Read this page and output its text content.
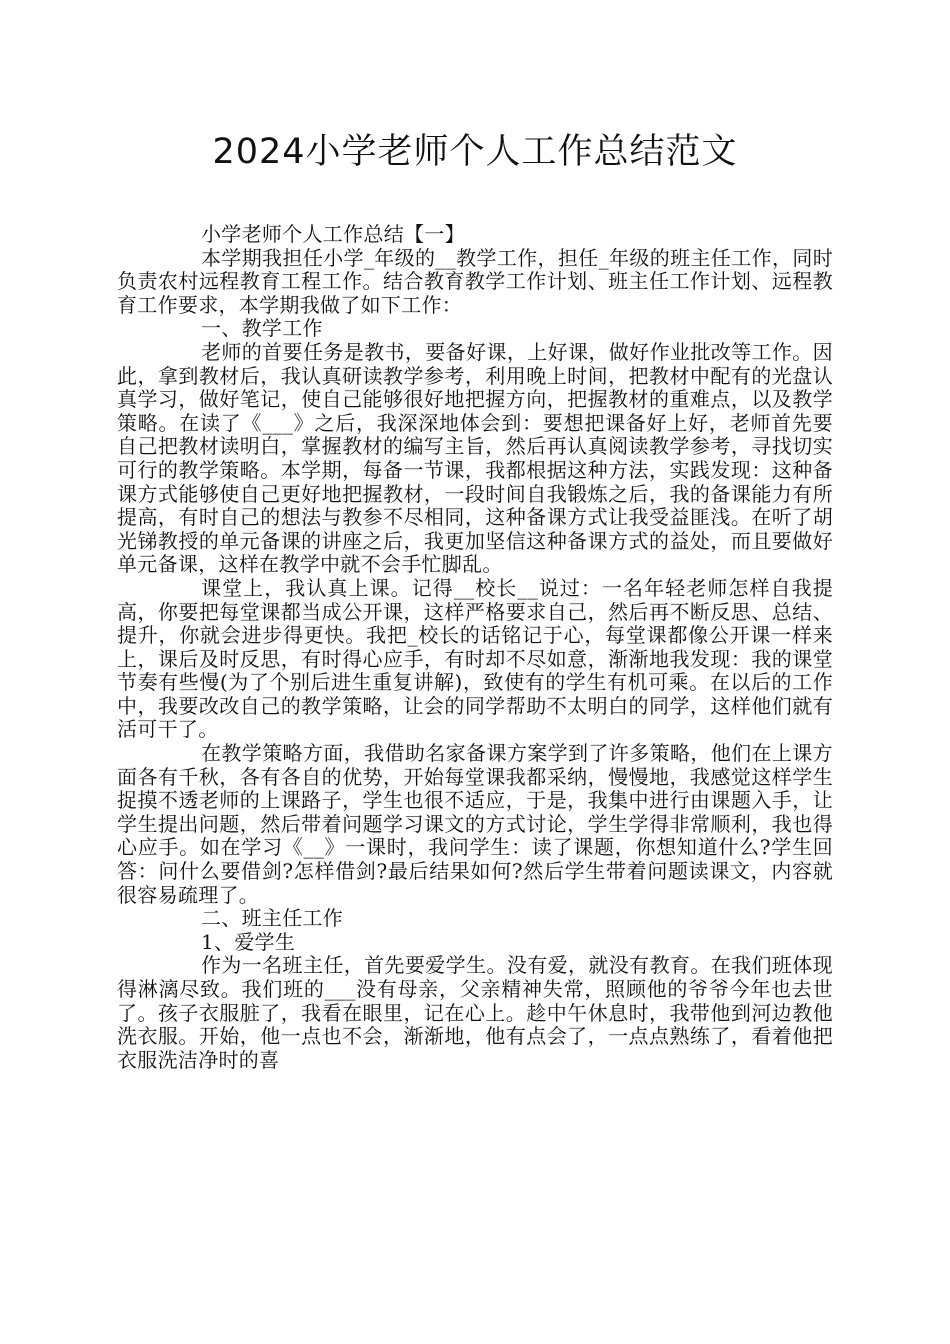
2024小学老师个人工作总结范文

小学老师个人工作总结【一】

本学期我担任小学_年级的__教学工作，担任_年级的班主任工作，同时负责农村远程教育工程工作。结合教育教学工作计划、班主任工作计划、远程教育工作要求，本学期我做了如下工作：

一、教学工作

老师的首要任务是教书，要备好课，上好课，做好作业批改等工作。因此，拿到教材后，我认真研读教学参考，利用晚上时间，把教材中配有的光盘认真学习，做好笔记，使自己能够很好地把握方向，把握教材的重难点，以及教学策略。在读了《___》之后，我深深地体会到：要想把课备好上好，老师首先要自己把教材读明白，掌握教材的编写主旨，然后再认真阅读教学参考，寻找切实可行的教学策略。本学期，每备一节课，我都根据这种方法，实践发现：这种备课方式能够使自己更好地把握教材，一段时间自我锻炼之后，我的备课能力有所提高，有时自己的想法与教参不尽相同，这种备课方式让我受益匪浅。在听了胡光锑教授的单元备课的讲座之后，我更加坚信这种备课方式的益处，而且要做好单元备课，这样在教学中就不会手忙脚乱。

课堂上，我认真上课。记得__校长__说过：一名年轻老师怎样自我提高，你要把每堂课都当成公开课，这样严格要求自己，然后再不断反思、总结、提升，你就会进步得更快。我把_校长的话铭记于心，每堂课都像公开课一样来上，课后及时反思，有时得心应手，有时却不尽如意，渐渐地我发现：我的课堂节奏有些慢(为了个别后进生重复讲解)，致使有的学生有机可乘。在以后的工作中，我要改改自己的教学策略，让会的同学帮助不太明白的同学，这样他们就有活可干了。

在教学策略方面，我借助名家备课方案学到了许多策略，他们在上课方面各有千秋，各有各自的优势，开始每堂课我都采纳，慢慢地，我感觉这样学生捉摸不透老师的上课路子，学生也很不适应，于是，我集中进行由课题入手，让学生提出问题，然后带着问题学习课文的方式讨论，学生学得非常顺利，我也得心应手。如在学习《__》一课时，我问学生：读了课题，你想知道什么?学生回答：问什么要借剑?怎样借剑?最后结果如何?然后学生带着问题读课文，内容就很容易疏理了。

二、班主任工作

1、爱学生

作为一名班主任，首先要爱学生。没有爱，就没有教育。在我们班体现得淋漓尽致。我们班的___没有母亲，父亲精神失常，照顾他的爷爷今年也去世了。孩子衣服脏了，我看在眼里，记在心上。趁中午休息时，我带他到河边教他洗衣服。开始，他一点也不会，渐渐地，他有点会了，一点点熟练了，看着他把衣服洗洁净时的喜
